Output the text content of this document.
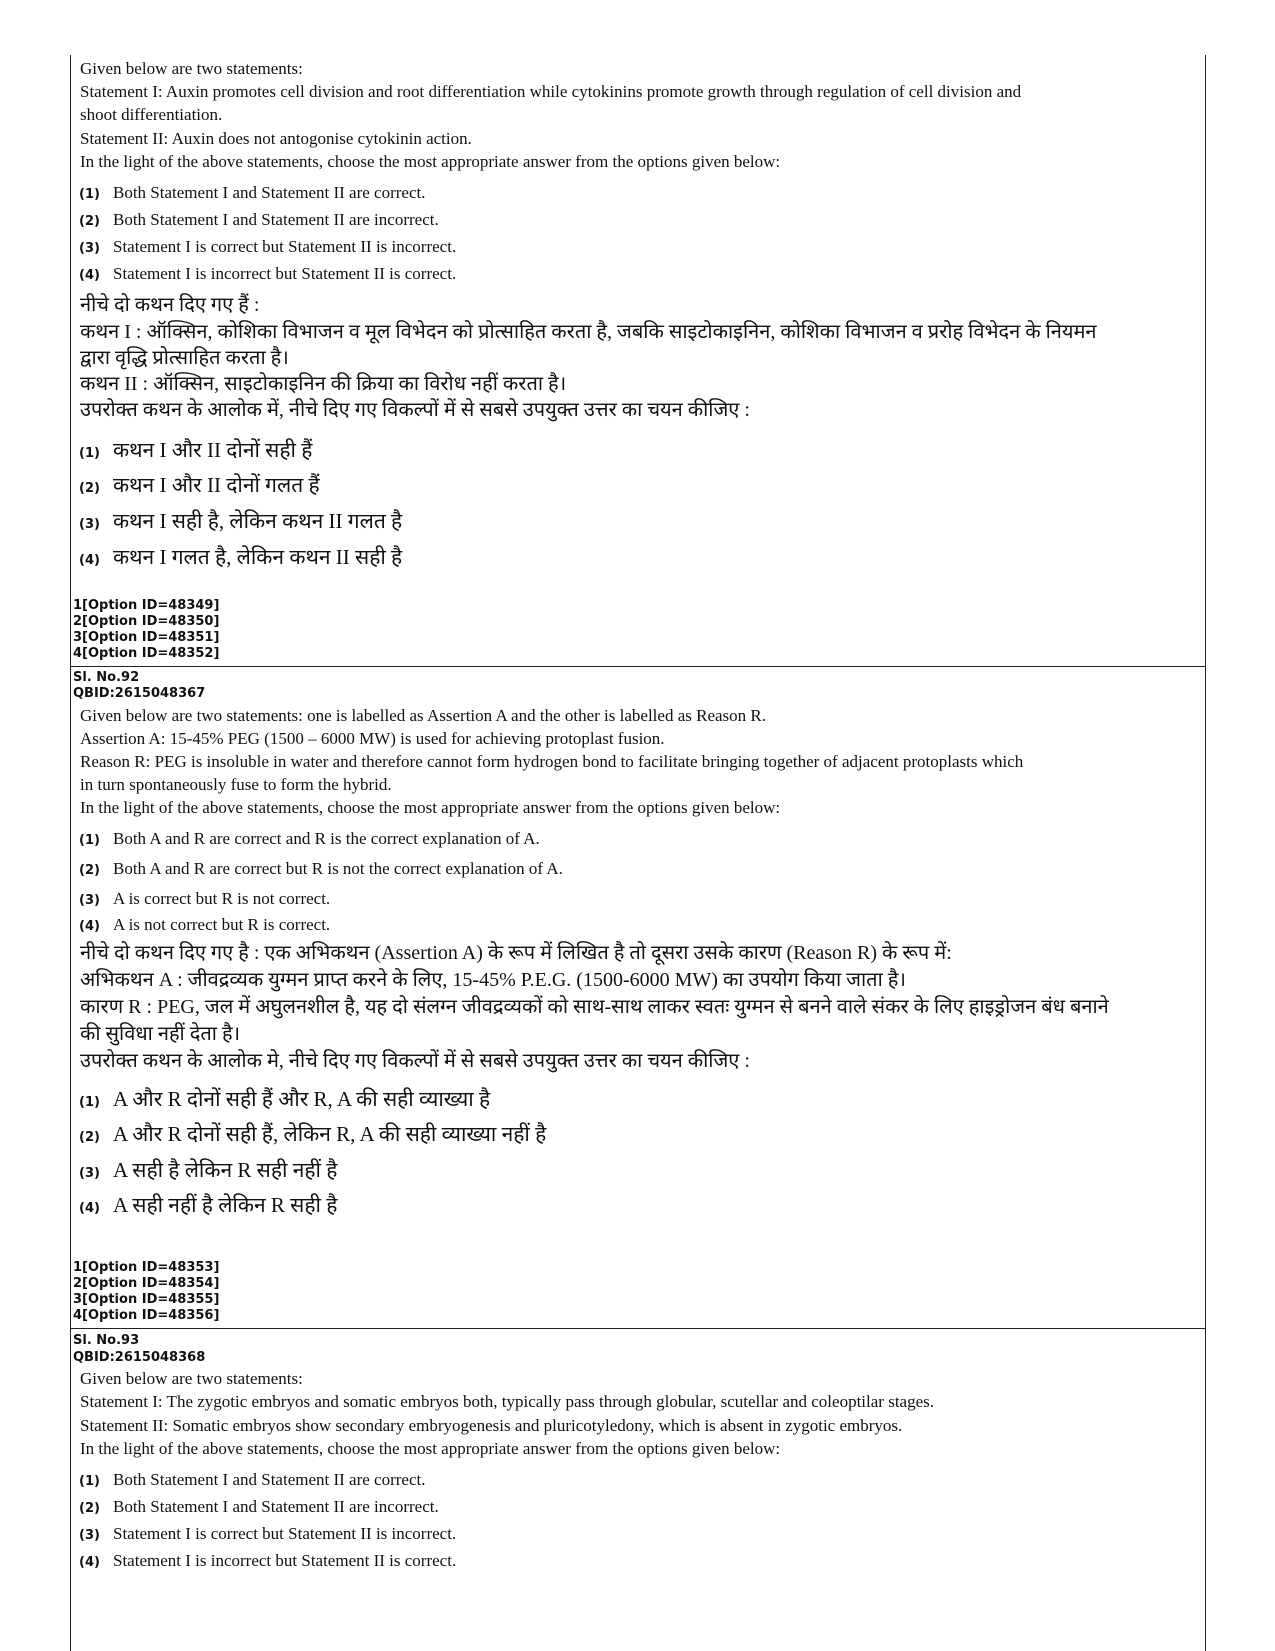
Given below are two statements:
Statement I: Auxin promotes cell division and root differentiation while cytokinins promote growth through regulation of cell division and
shoot differentiation.
Statement II: Auxin does not antogonise cytokinin action.
In the light of the above statements, choose the most appropriate answer from the options given below:
(1) Both Statement I and Statement II are correct.
(2) Both Statement I and Statement II are incorrect.
(3) Statement I is correct but Statement II is incorrect.
(4) Statement I is incorrect but Statement II is correct.
नीचे दो कथन दिए गए हैं :
कथन I : ऑक्सिन, कोशिका विभाजन व मूल विभेदन को प्रोत्साहित करता है, जबकि साइटोकाइनिन, कोशिका विभाजन व प्ररोह विभेदन के नियमन
द्वारा वृद्धि प्रोत्साहित करता है।
कथन II : ऑक्सिन, साइटोकाइनिन की क्रिया का विरोध नहीं करता है।
उपरोक्त कथन के आलोक में, नीचे दिए गए विकल्पों में से सबसे उपयुक्त उत्तर का चयन कीजिए :
(1) कथन I और II दोनों सही हैं
(2) कथन I और II दोनों गलत हैं
(3) कथन I सही है, लेकिन कथन II गलत है
(4) कथन I गलत है, लेकिन कथन II सही है
1[Option ID=48349]
2[Option ID=48350]
3[Option ID=48351]
4[Option ID=48352]
Sl. No.92
QBID:2615048367
Given below are two statements: one is labelled as Assertion A and the other is labelled as Reason R.
Assertion A: 15-45% PEG (1500 – 6000 MW) is used for achieving protoplast fusion.
Reason R: PEG is insoluble in water and therefore cannot form hydrogen bond to facilitate bringing together of adjacent protoplasts which
in turn spontaneously fuse to form the hybrid.
In the light of the above statements, choose the most appropriate answer from the options given below:
(1) Both A and R are correct and R is the correct explanation of A.
(2) Both A and R are correct but R is not the correct explanation of A.
(3) A is correct but R is not correct.
(4) A is not correct but R is correct.
नीचे दो कथन दिए गए है : एक अभिकथन (Assertion A) के रूप में लिखित है तो दूसरा उसके कारण (Reason R) के रूप में:
अभिकथन A : जीवद्रव्यक युग्मन प्राप्त करने के लिए, 15-45% P.E.G. (1500-6000 MW) का उपयोग किया जाता है।
कारण R : PEG, जल में अघुलनशील है, यह दो संलग्न जीवद्रव्यकों को साथ-साथ लाकर स्वतः युग्मन से बनने वाले संकर के लिए हाइड्रोजन बंध बनाने
की सुविधा नहीं देता है।
उपरोक्त कथन के आलोक मे, नीचे दिए गए विकल्पों में से सबसे उपयुक्त उत्तर का चयन कीजिए :
(1) A और R दोनों सही हैं और R, A की सही व्याख्या है
(2) A और R दोनों सही हैं, लेकिन R, A की सही व्याख्या नहीं है
(3) A सही है लेकिन R सही नहीं है
(4) A सही नहीं है लेकिन R सही है
1[Option ID=48353]
2[Option ID=48354]
3[Option ID=48355]
4[Option ID=48356]
Sl. No.93
QBID:2615048368
Given below are two statements:
Statement I: The zygotic embryos and somatic embryos both, typically pass through globular, scutellar and coleoptilar stages.
Statement II: Somatic embryos show secondary embryogenesis and pluricotyledony, which is absent in zygotic embryos.
In the light of the above statements, choose the most appropriate answer from the options given below:
(1) Both Statement I and Statement II are correct.
(2) Both Statement I and Statement II are incorrect.
(3) Statement I is correct but Statement II is incorrect.
(4) Statement I is incorrect but Statement II is correct.
